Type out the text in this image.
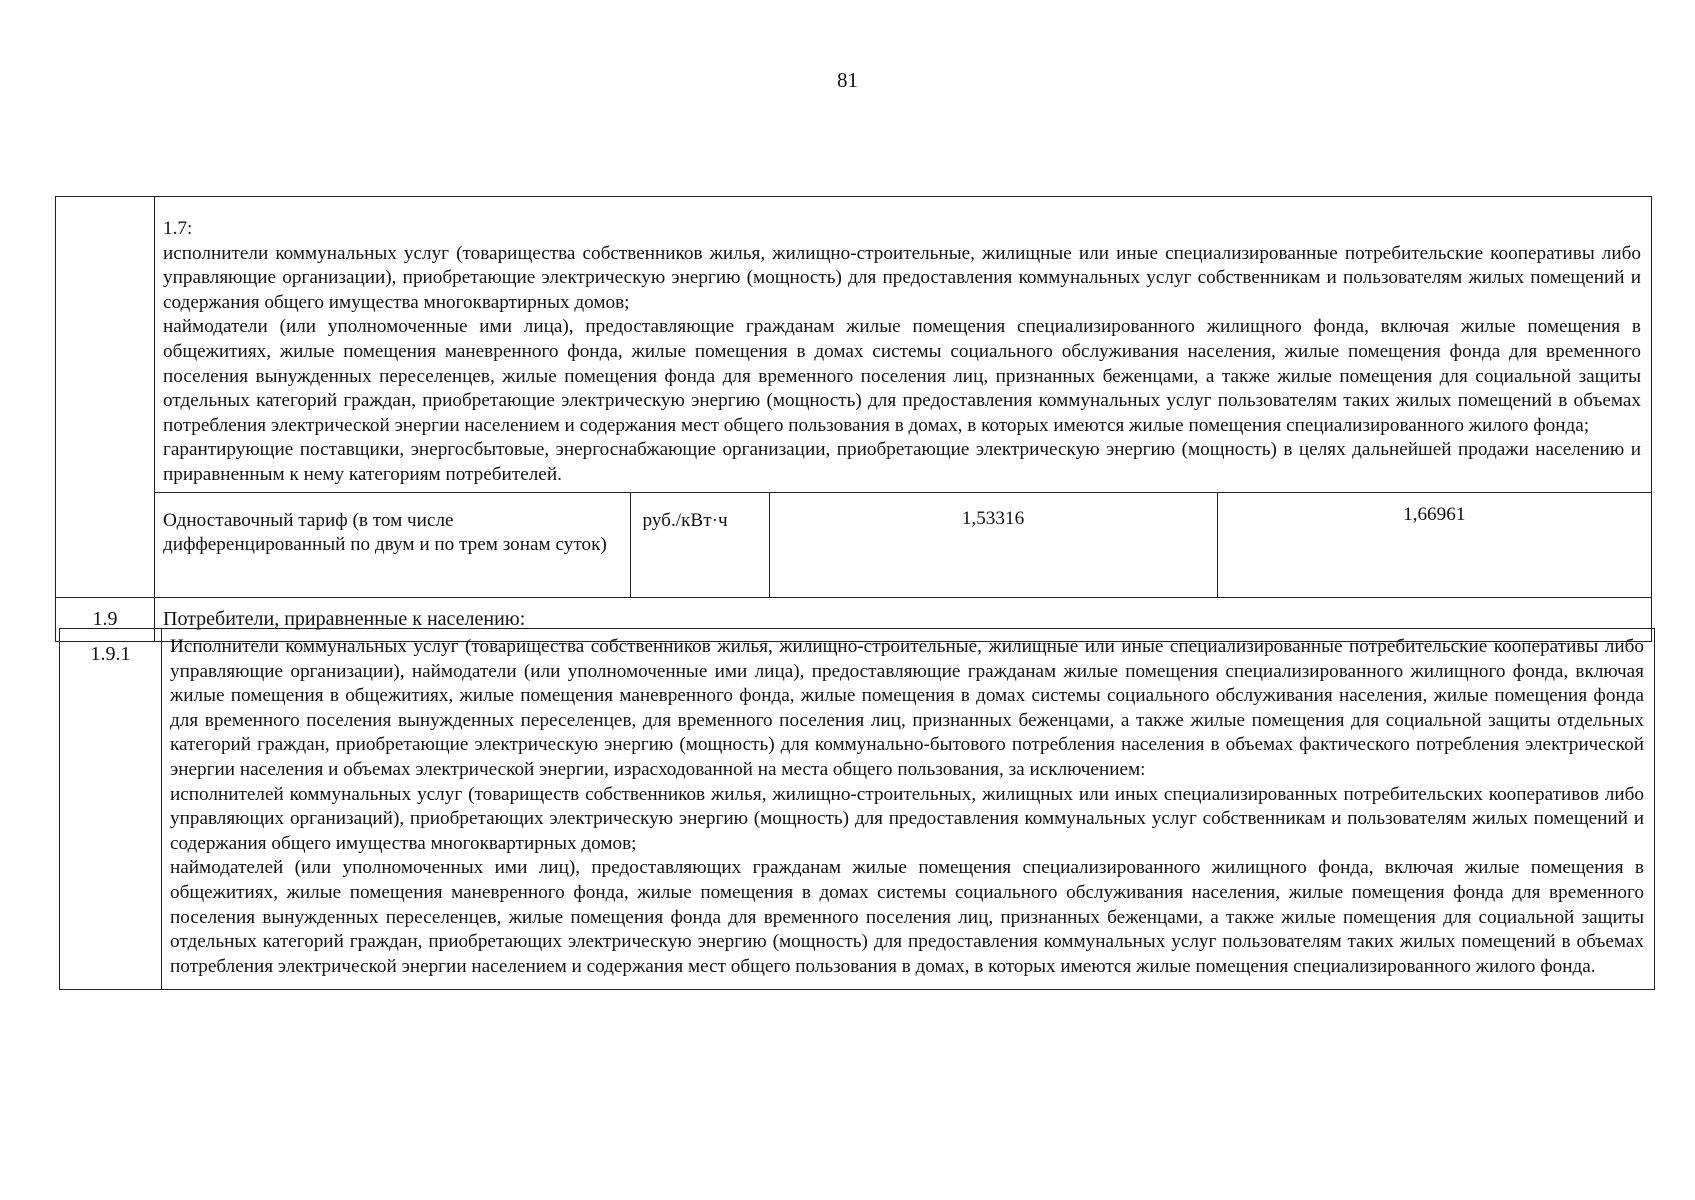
81

1.7:

исполнители коммунальных услуг (товарищества собственников жилья, жилищно-строительные, жилищные или иные специализированные потребительские кооперативы либо управляющие организации), приобретающие электрическую энергию (мощность) для предоставления коммунальных услуг собственникам и пользователям жилых помещений и содержания общего имущества многоквартирных домов;

наймодатели (или уполномоченные ими лица), предоставляющие гражданам жилые помещения специализированного жилищного фонда, включая жилые помещения в общежитиях, жилые помещения маневренного фонда, жилые помещения в домах системы социального обслуживания населения, жилые помещения фонда для временного поселения вынужденных переселенцев, жилые помещения фонда для временного поселения лиц, признанных беженцами, а также жилые помещения для социальной защиты отдельных категорий граждан, приобретающие электрическую энергию (мощность) для предоставления коммунальных услуг пользователям таких жилых помещений в объемах потребления электрической энергии населением и содержания мест общего пользования в домах, в которых имеются жилые помещения специализированного жилого фонда;

гарантирующие поставщики, энергосбытовые, энергоснабжающие организации, приобретающие электрическую энергию (мощность) в целях дальнейшей продажи населению и приравненным к нему категориям потребителей.

Одноставочный тариф (в том числе дифференцированный по двум и по трем зонам суток)	руб./кВт·ч	1,53316	1,66961

1.9	Потребители, приравненные к населению:
1.9.1	Исполнители коммунальных услуг (товарищества собственников жилья, жилищно-строительные, жилищные или иные специализированные потребительские кооперативы либо управляющие организации), наймодатели (или уполномоченные ими лица), предоставляющие гражданам жилые помещения специализированного жилищного фонда, включая жилые помещения в общежитиях, жилые помещения маневренного фонда, жилые помещения в домах системы социального обслуживания населения, жилые помещения фонда для временного поселения вынужденных переселенцев, для временного поселения лиц, признанных беженцами, а также жилые помещения для социальной защиты отдельных категорий граждан, приобретающие электрическую энергию (мощность) для коммунально-бытового потребления населения в объемах фактического потребления электрической энергии населения и объемах электрической энергии, израсходованной на места общего пользования, за исключением:

исполнителей коммунальных услуг (товариществ собственников жилья, жилищно-строительных, жилищных или иных специализированных потребительских кооперативов либо управляющих организаций), приобретающих электрическую энергию (мощность) для предоставления коммунальных услуг собственникам и пользователям жилых помещений и содержания общего имущества многоквартирных домов;

наймодателей (или уполномоченных ими лиц), предоставляющих гражданам жилые помещения специализированного жилищного фонда, включая жилые помещения в общежитиях, жилые помещения маневренного фонда, жилые помещения в домах системы социального обслуживания населения, жилые помещения фонда для временного поселения вынужденных переселенцев, жилые помещения фонда для временного поселения лиц, признанных беженцами, а также жилые помещения для социальной защиты отдельных категорий граждан, приобретающих электрическую энергию (мощность) для предоставления коммунальных услуг пользователям таких жилых помещений в объемах потребления электрической энергии населением и содержания мест общего пользования в домах, в которых имеются жилые помещения специализированного жилого фонда.
